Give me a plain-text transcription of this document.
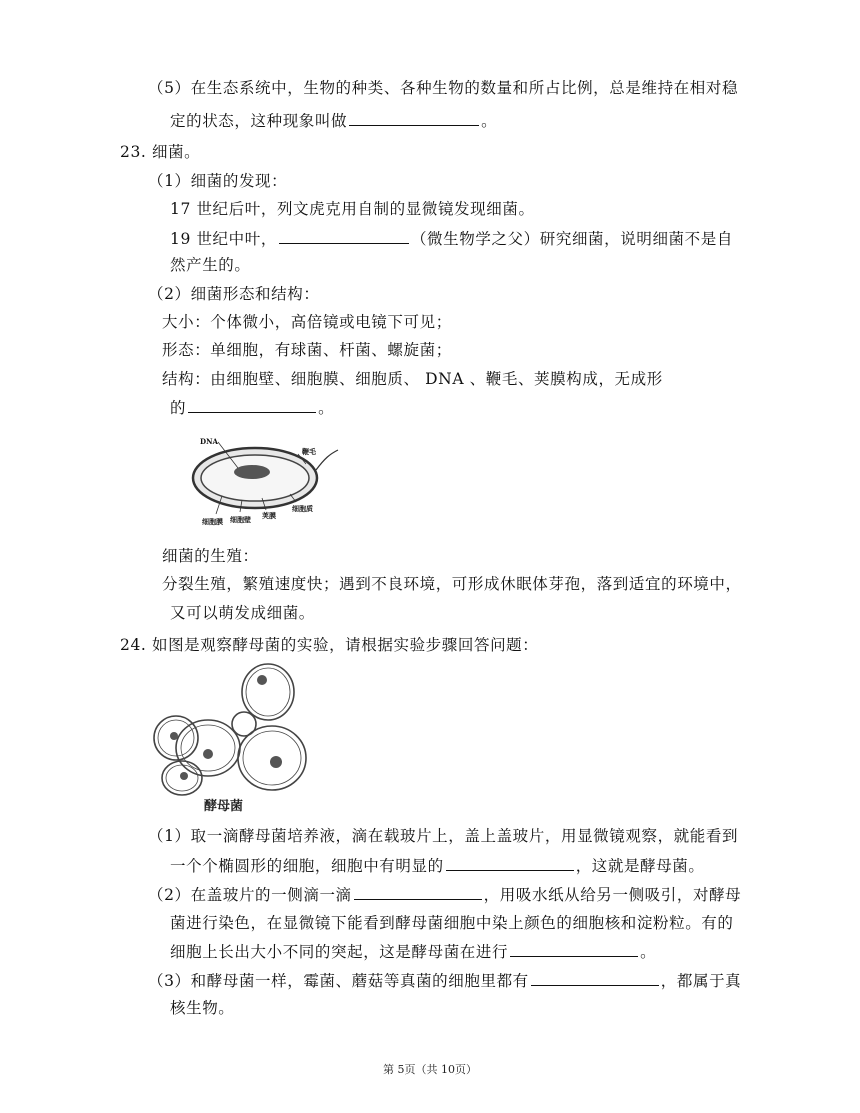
（5）在生态系统中，生物的种类、各种生物的数量和所占比例，总是维持在相对稳
定的状态，这种现象叫做	。
23. 细菌。
（1）细菌的发现：
17 世纪后叶，列文虎克用自制的显微镜发现细菌。
19 世纪中叶，	（微生物学之父）研究细菌，说明细菌不是自
然产生的。
（2）细菌形态和结构：
大小：个体微小，高倍镜或电镜下可见；
形态：单细胞，有球菌、杆菌、螺旋菌；
结构：由细胞壁、细胞膜、细胞质、 DNA 、鞭毛、荚膜构成，无成形
的	。
DNA
鞭毛
细胞质
荚膜
细胞壁
细胞膜
细菌的生殖：
分裂生殖，繁殖速度快；遇到不良环境，可形成休眠体芽孢，落到适宜的环境中，
又可以萌发成细菌。
24. 如图是观察酵母菌的实验，请根据实验步骤回答问题：
酵母菌
（1）取一滴酵母菌培养液，滴在载玻片上，盖上盖玻片，用显微镜观察，就能看到
一个个椭圆形的细胞，细胞中有明显的	，这就是酵母菌。
（2）在盖玻片的一侧滴一滴	，用吸水纸从给另一侧吸引，对酵母
菌进行染色，在显微镜下能看到酵母菌细胞中染上颜色的细胞核和淀粉粒。有的
细胞上长出大小不同的突起，这是酵母菌在进行	。
（3）和酵母菌一样，霉菌、蘑菇等真菌的细胞里都有	，都属于真
核生物。
第 5页（共 10页）
